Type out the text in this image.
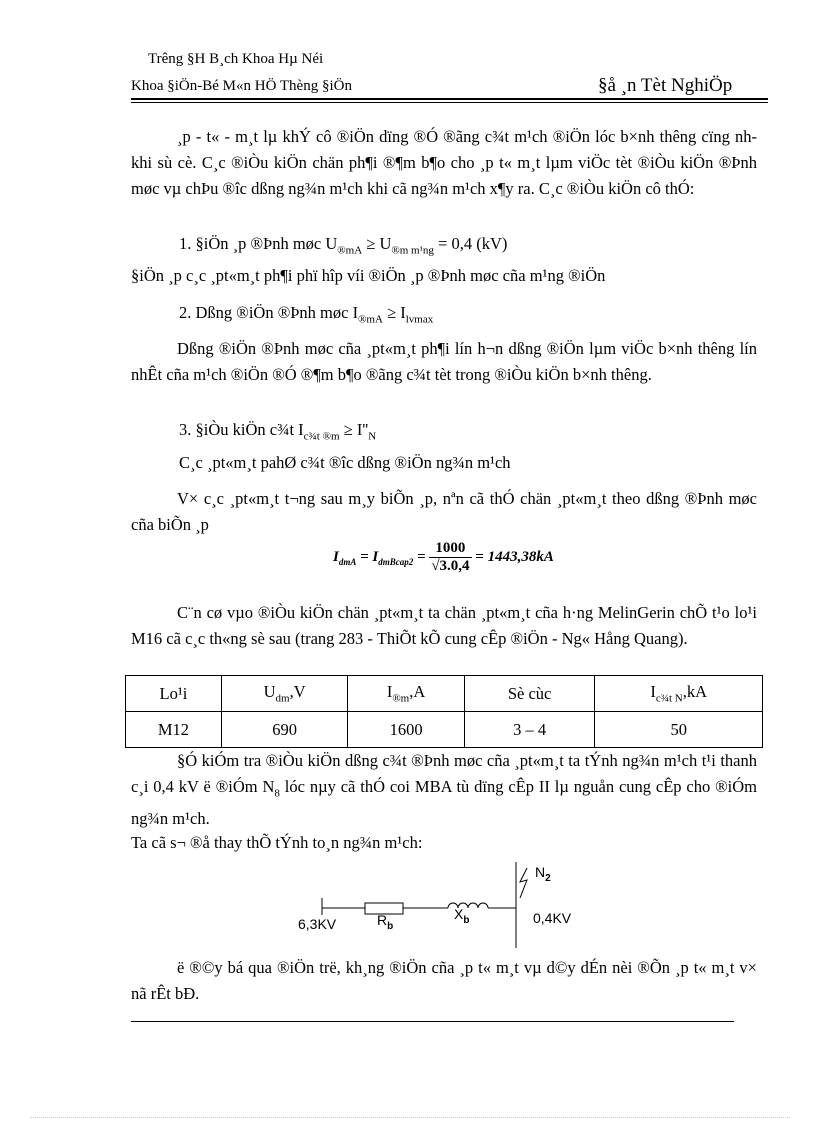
Trêng §H B¸ch Khoa Hµ Néi
Khoa §iÖn-Bé M«n HÖ Thèng §iÖn	§å ¸n Tèt NghiÖp
¸p - t« - m¸t lµ khÝ cô ®iÖn dïng ®Ó ®ãng c¾t m¹ch ®iÖn lóc b×nh thêng cïng nh khi sù cè. C¸c ®iÒu kiÖn chän ph¶i ®¶m b¶o cho ¸p t« m¸t lµm viÖc tèt ®iÒu kiÖn ®Þnh møc vµ chÞu ®îc dßng ng¾n m¹ch khi cã ng¾n m¹ch x¶y ra. C¸c ®iÒu kiÖn cô thÓ:
1. §iÖn ¸p ®Þnh møc $U_{®mA} \ge U_{®m m^1ng} = 0,4$ (kV)
§iÖn ¸p c¸c ¸pt«m¸t ph¶i phï hîp víi ®iÖn ¸p ®Þnh møc cña m¹ng ®iÖn
2. Dßng ®iÖn ®Þnh møc $I_{®mA} \ge I_{lvmax}$
Dßng ®iÖn ®Þnh møc cña ¸pt«m¸t ph¶i lín h¬n dßng ®iÖn lµm viÖc b×nh thêng lín nhÊt cña m¹ch ®iÖn ®Ó ®¶m b¶o ®ãng c¾t tèt trong ®iÒu kiÖn b×nh thêng.
3. §iÒu kiÖn c¾t $I_{c\frac{3}{4}t ®m} \ge I''_N$
C¸c ¸pt«m¸t pahØ c¾t ®îc dßng ®iÖn ng¾n m¹ch
V× c¸c ¸pt«m¸t t¬ng sau m¸y biÕn ¸p, nªn cã thÓ chän ¸pt«m¸t theo dßng ®Þnh møc cña biÕn ¸p
$I_{dmA} = I_{dmBcap2} = \frac{1000}{√3.0,4} = 1443,38kA$
C¨n cø vµo ®iÒu kiÖn chän ¸pt«m¸t ta chän ¸pt«m¸t cña h·ng MelinGerin chÕ t¹o lo¹i M16 cã c¸c th«ng sè sau (trang 283 - ThiÕt kÕ cung cÊp ®iÖn - Ng« Hång Quang).
Lo¹i	$U_{dm},V$	$I_{®m},A$	Sè cùc	$I_{c\frac{3}{4}t N},kA$
M12	690	1600	3 – 4	50
§Ó kiÓm tra ®iÒu kiÖn dßng c¾t ®Þnh møc cña ¸pt«m¸t ta tÝnh ng¾n m¹ch t¹i thanh c¸i 0,4 kV ë ®iÓm $N_8$ lóc nµy cã thÓ coi MBA tù dïng cÊp II lµ nguån cung cÊp cho ®iÓm ng¾n m¹ch.
Ta cã s¬ ®å thay thÕ tÝnh to¸n ng¾n m¹ch:
$N_2$
6,3KV	$R_b$
$X_b$	0,4KV
ë ®©y bá qua ®iÖn trë, kh¸ng ®iÖn cña ¸p t« m¸t vµ d©y dÉn nèi ®Õn ¸p t« m¸t v× nã rÊt bÐ.
